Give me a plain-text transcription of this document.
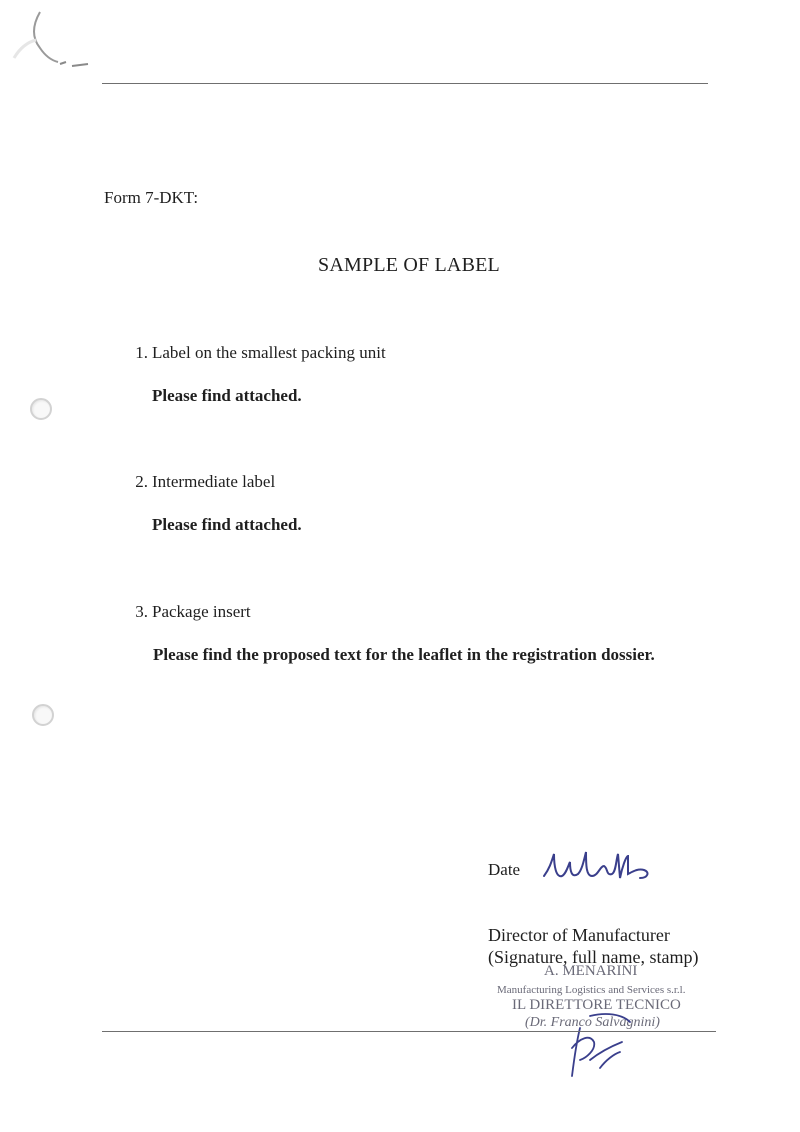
Form 7-DKT:
SAMPLE OF LABEL
1. Label on the smallest packing unit
Please find attached.
2. Intermediate label
Please find attached.
3. Package insert
Please find the proposed text for the leaflet in the registration dossier.
Date
Director of Manufacturer
(Signature, full name, stamp)
A. MENARINI
Manufacturing Logistics and Services s.r.l.
IL DIRETTORE TECNICO
(Dr. Franco Salvagnini)
